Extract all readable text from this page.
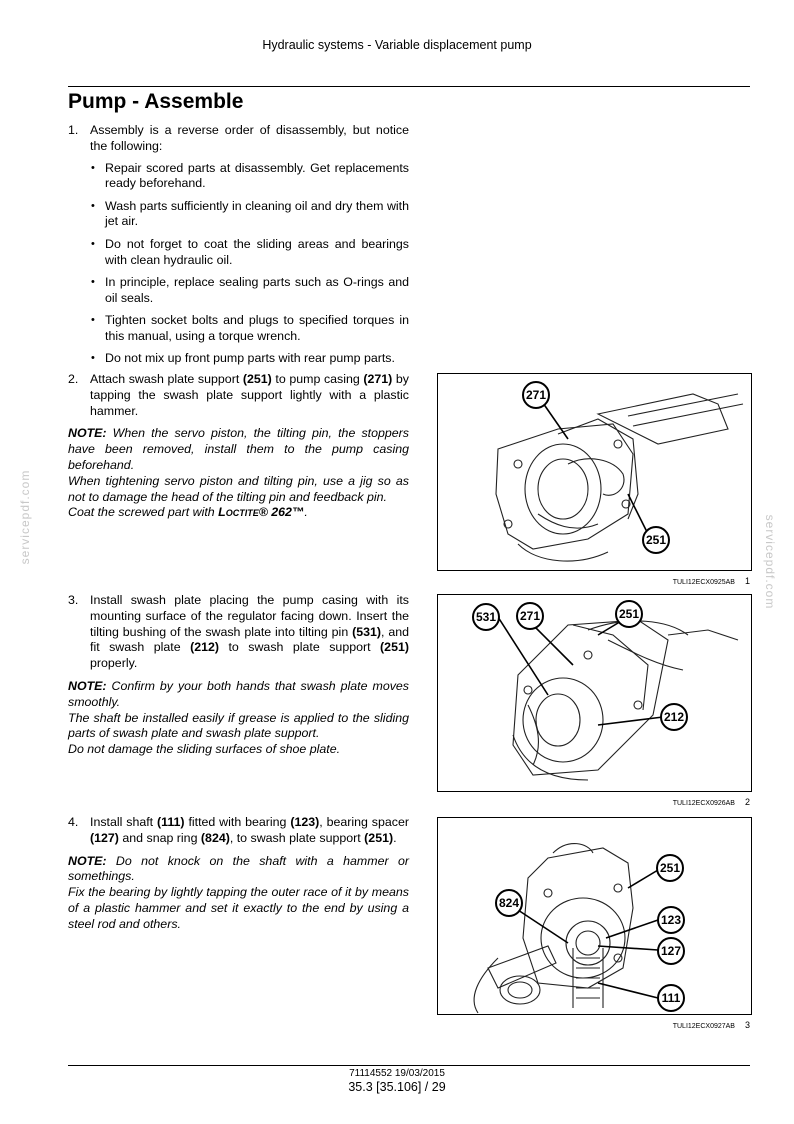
Hydraulic systems - Variable displacement pump
Pump - Assemble
1. Assembly is a reverse order of disassembly, but notice the following:
• Repair scored parts at disassembly. Get replacements ready beforehand.
• Wash parts sufficiently in cleaning oil and dry them with jet air.
• Do not forget to coat the sliding areas and bearings with clean hydraulic oil.
• In principle, replace sealing parts such as O-rings and oil seals.
• Tighten socket bolts and plugs to specified torques in this manual, using a torque wrench.
• Do not mix up front pump parts with rear pump parts.
2. Attach swash plate support (251) to pump casing (271) by tapping the swash plate support lightly with a plastic hammer.
NOTE: When the servo piston, the tilting pin, the stoppers have been removed, install them to the pump casing beforehand.
When tightening servo piston and tilting pin, use a jig so as not to damage the head of the tilting pin and feedback pin.
Coat the screwed part with Loctite® 262™.
3. Install swash plate placing the pump casing with its mounting surface of the regulator facing down. Insert the tilting bushing of the swash plate into tilting pin (531), and fit swash plate (212) to swash plate support (251) properly.
NOTE: Confirm by your both hands that swash plate moves smoothly.
The shaft be installed easily if grease is applied to the sliding parts of swash plate and swash plate support.
Do not damage the sliding surfaces of shoe plate.
4. Install shaft (111) fitted with bearing (123), bearing spacer (127) and snap ring (824), to swash plate support (251).
NOTE: Do not knock on the shaft with a hammer or somethings.
Fix the bearing by lightly tapping the outer race of it by means of a plastic hammer and set it exactly to the end by using a steel rod and others.
271
251
TULI12ECX0925AB 1
531 271	251
212
TULI12ECX0926AB 2
251
824
123
127
111
TULI12ECX0927AB 3
servicepdf.com	servicepdf.com
71114552 19/03/2015
35.3 [35.106] / 29
